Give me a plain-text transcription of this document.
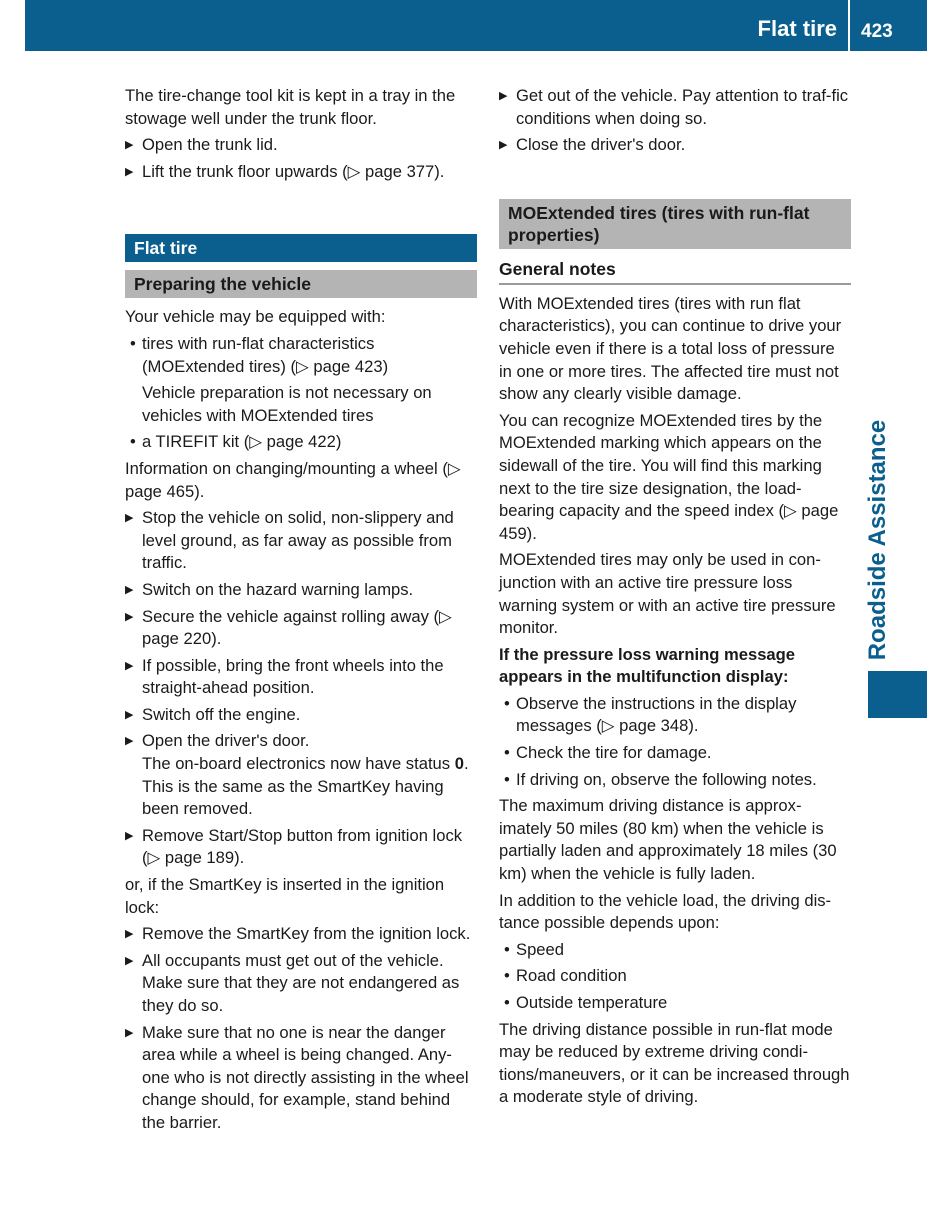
Flat tire 423
Roadside Assistance

The tire-change tool kit is kept in a tray in the stowage well under the trunk floor.

▶ Open the trunk lid.
▶ Lift the trunk floor upwards (▷ page 377).
Flat tire
Preparing the vehicle

Your vehicle may be equipped with:

• tires with run-flat characteristics (MOExtended tires) (▷ page 423)

Vehicle preparation is not necessary on vehicles with MOExtended tires

• a TIREFIT kit (▷ page 422)

Information on changing/mounting a wheel (▷ page 465).

▶ Stop the vehicle on solid, non-slippery and level ground, as far away as possible from traffic.
▶ Switch on the hazard warning lamps.
▶ Secure the vehicle against rolling away (▷ page 220).
▶ If possible, bring the front wheels into the straight-ahead position.
▶ Switch off the engine.
▶ Open the driver's door.
The on-board electronics now have status 0. This is the same as the SmartKey having been removed.
▶ Remove Start/Stop button from ignition lock (▷ page 189).

or, if the SmartKey is inserted in the ignition lock:

▶ Remove the SmartKey from the ignition lock.
▶ All occupants must get out of the vehicle. Make sure that they are not endangered as they do so.
▶ Make sure that no one is near the danger area while a wheel is being changed. Any-one who is not directly assisting in the wheel change should, for example, stand behind the barrier.
▶ Get out of the vehicle. Pay attention to traf-fic conditions when doing so.
▶ Close the driver's door.
MOExtended tires (tires with run-flat properties)
General notes

With MOExtended tires (tires with run flat characteristics), you can continue to drive your vehicle even if there is a total loss of pressure in one or more tires. The affected tire must not show any clearly visible damage.

You can recognize MOExtended tires by the MOExtended marking which appears on the sidewall of the tire. You will find this marking next to the tire size designation, the load-bearing capacity and the speed index (▷ page 459).

MOExtended tires may only be used in con-junction with an active tire pressure loss warning system or with an active tire pressure monitor.

If the pressure loss warning message appears in the multifunction display:

• Observe the instructions in the display messages (▷ page 348).
• Check the tire for damage.
• If driving on, observe the following notes.

The maximum driving distance is approx-imately 50 miles (80 km) when the vehicle is partially laden and approximately 18 miles (30 km) when the vehicle is fully laden.

In addition to the vehicle load, the driving dis-tance possible depends upon:

• Speed
• Road condition
• Outside temperature

The driving distance possible in run-flat mode may be reduced by extreme driving condi-tions/maneuvers, or it can be increased through a moderate style of driving.
